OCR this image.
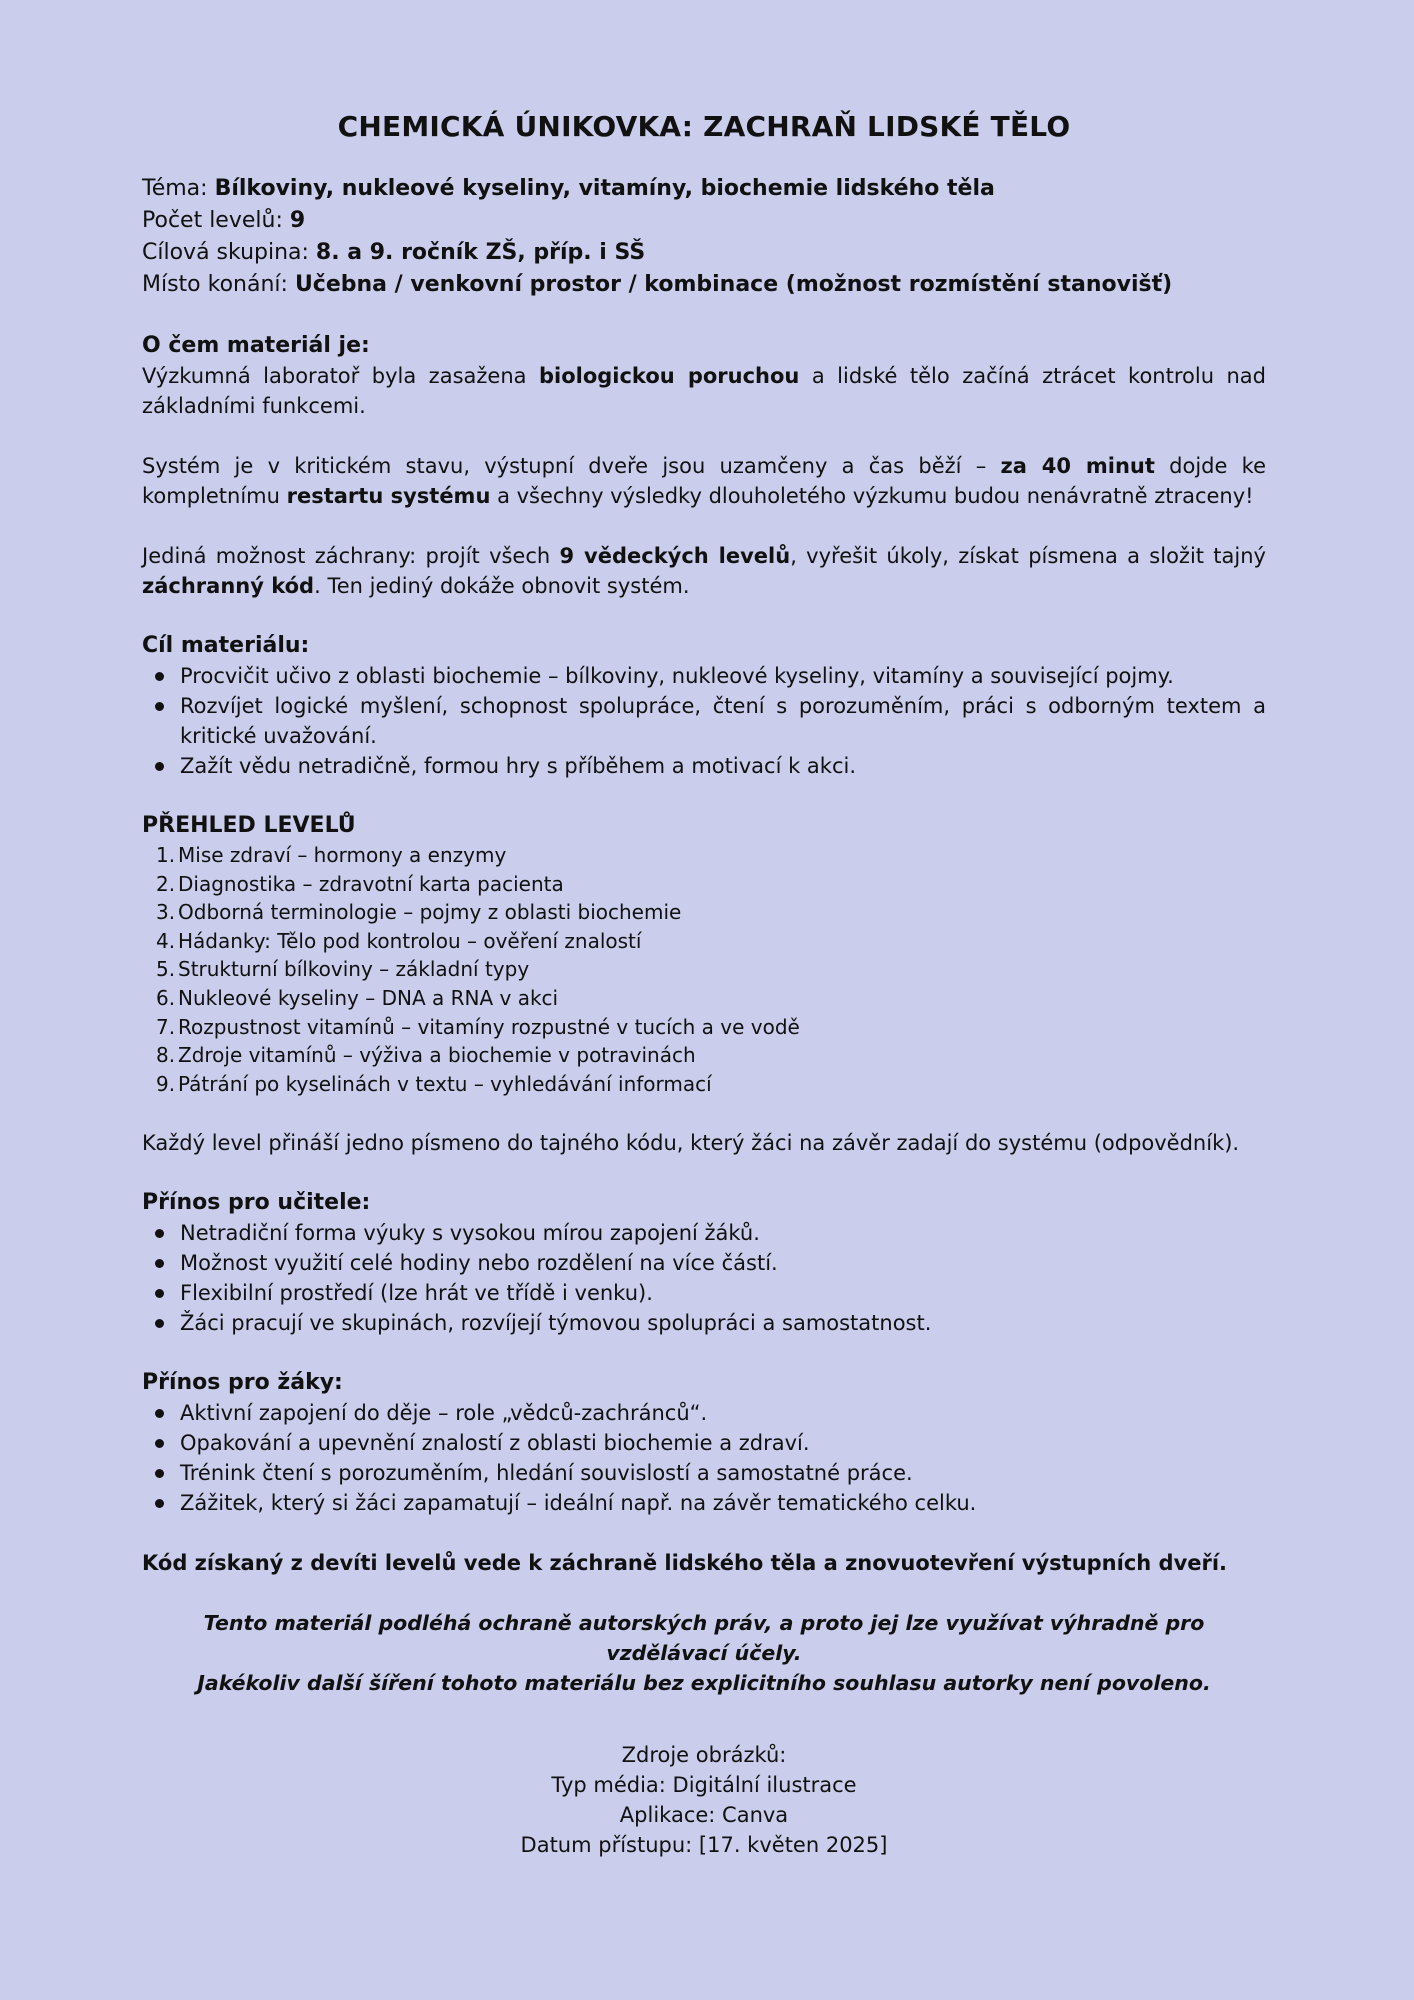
CHEMICKÁ ÚNIKOVKA: ZACHRAŇ LIDSKÉ TĚLO
Téma: Bílkoviny, nukleové kyseliny, vitamíny, biochemie lidského těla
Počet levelů: 9
Cílová skupina: 8. a 9. ročník ZŠ, příp. i SŠ
Místo konání: Učebna / venkovní prostor / kombinace (možnost rozmístění stanovišť)
O čem materiál je:

Výzkumná laboratoř byla zasažena biologickou poruchou a lidské tělo začíná ztrácet kontrolu nad základními funkcemi.

Systém je v kritickém stavu, výstupní dveře jsou uzamčeny a čas běží – za 40 minut dojde ke kompletnímu restartu systému a všechny výsledky dlouholetého výzkumu budou nenávratně ztraceny!

Jediná možnost záchrany: projít všech 9 vědeckých levelů, vyřešit úkoly, získat písmena a složit tajný záchranný kód. Ten jediný dokáže obnovit systém.

Cíl materiálu:
Procvičit učivo z oblasti biochemie – bílkoviny, nukleové kyseliny, vitamíny a související pojmy.
Rozvíjet logické myšlení, schopnost spolupráce, čtení s porozuměním, práci s odborným textem a kritické uvažování.
Zažít vědu netradičně, formou hry s příběhem a motivací k akci.
PŘEHLED LEVELŮ
1. Mise zdraví – hormony a enzymy
2. Diagnostika – zdravotní karta pacienta
3. Odborná terminologie – pojmy z oblasti biochemie
4. Hádanky: Tělo pod kontrolou – ověření znalostí
5. Strukturní bílkoviny – základní typy
6. Nukleové kyseliny – DNA a RNA v akci
7. Rozpustnost vitamínů – vitamíny rozpustné v tucích a ve vodě
8. Zdroje vitamínů – výživa a biochemie v potravinách
9. Pátrání po kyselinách v textu – vyhledávání informací

Každý level přináší jedno písmeno do tajného kódu, který žáci na závěr zadají do systému (odpovědník).

Přínos pro učitele:
Netradiční forma výuky s vysokou mírou zapojení žáků.
Možnost využití celé hodiny nebo rozdělení na více částí.
Flexibilní prostředí (lze hrát ve třídě i venku).
Žáci pracují ve skupinách, rozvíjejí týmovou spolupráci a samostatnost.
Přínos pro žáky:
Aktivní zapojení do děje – role „vědců-zachránců“.
Opakování a upevnění znalostí z oblasti biochemie a zdraví.
Trénink čtení s porozuměním, hledání souvislostí a samostatné práce.
Zážitek, který si žáci zapamatují – ideální např. na závěr tematického celku.
Kód získaný z devíti levelů vede k záchraně lidského těla a znovuotevření výstupních dveří.
Tento materiál podléhá ochraně autorských práv, a proto jej lze využívat výhradně pro vzdělávací účely.
Jakékoliv další šíření tohoto materiálu bez explicitního souhlasu autorky není povoleno.
Zdroje obrázků:
Typ média: Digitální ilustrace
Aplikace: Canva
Datum přístupu: [17. květen 2025]
